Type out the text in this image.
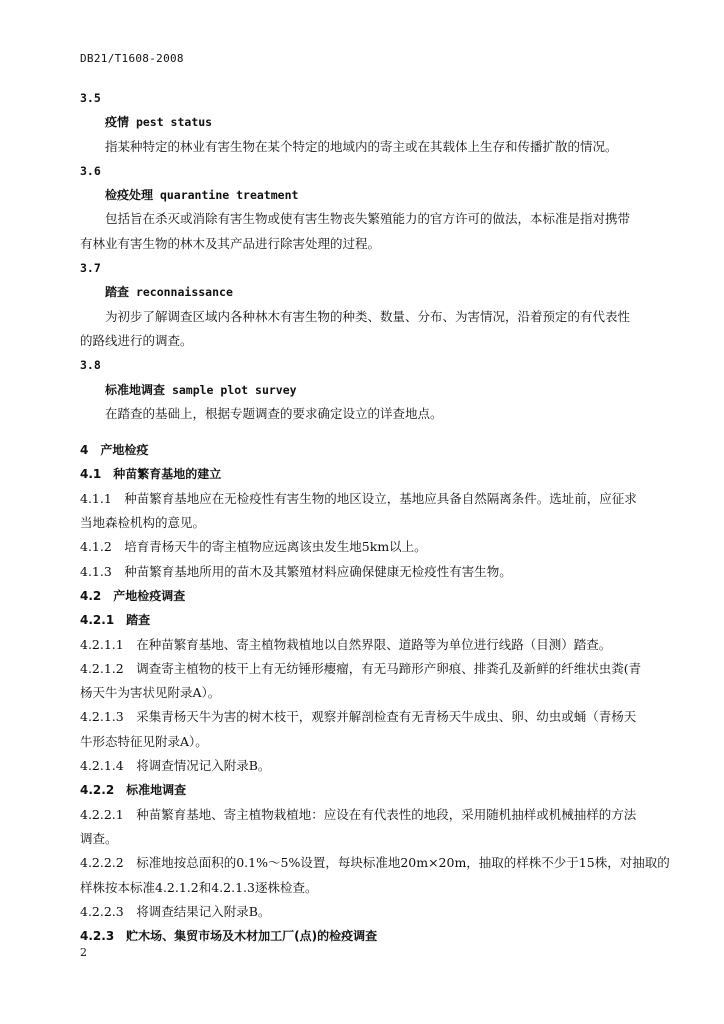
DB21/T1608-2008
3.5
疫情 pest status
指某种特定的林业有害生物在某个特定的地域内的寄主或在其载体上生存和传播扩散的情况。
3.6
检疫处理 quarantine treatment
包括旨在杀灭或消除有害生物或使有害生物丧失繁殖能力的官方许可的做法，本标准是指对携带
有林业有害生物的林木及其产品进行除害处理的过程。
3.7
踏查 reconnaissance
为初步了解调查区域内各种林木有害生物的种类、数量、分布、为害情况，沿着预定的有代表性
的路线进行的调查。
3.8
标准地调查 sample plot survey
在踏查的基础上，根据专题调查的要求确定设立的详查地点。
4　产地检疫
4.1　种苗繁育基地的建立
4.1.1　种苗繁育基地应在无检疫性有害生物的地区设立，基地应具备自然隔离条件。选址前，应征求
当地森检机构的意见。
4.1.2　培育青杨天牛的寄主植物应远离该虫发生地5km以上。
4.1.3　种苗繁育基地所用的苗木及其繁殖材料应确保健康无检疫性有害生物。
4.2　产地检疫调查
4.2.1　踏查
4.2.1.1　在种苗繁育基地、寄主植物栽植地以自然界限、道路等为单位进行线路（目测）踏查。
4.2.1.2　调查寄主植物的枝干上有无纺锤形瘿瘤，有无马蹄形产卵痕、排粪孔及新鲜的纤维状虫粪(青
杨天牛为害状见附录A）。
4.2.1.3　采集青杨天牛为害的树木枝干，观察并解剖检查有无青杨天牛成虫、卵、幼虫或蛹（青杨天
牛形态特征见附录A）。
4.2.1.4　将调查情况记入附录B。
4.2.2　标准地调查
4.2.2.1　种苗繁育基地、寄主植物栽植地：应设在有代表性的地段，采用随机抽样或机械抽样的方法
调查。
4.2.2.2　标准地按总面积的0.1%～5%设置，每块标准地20m×20m，抽取的样株不少于15株，对抽取的
样株按本标准4.2.1.2和4.2.1.3逐株检查。
4.2.2.3　将调查结果记入附录B。
4.2.3　贮木场、集贸市场及木材加工厂(点)的检疫调查
2
